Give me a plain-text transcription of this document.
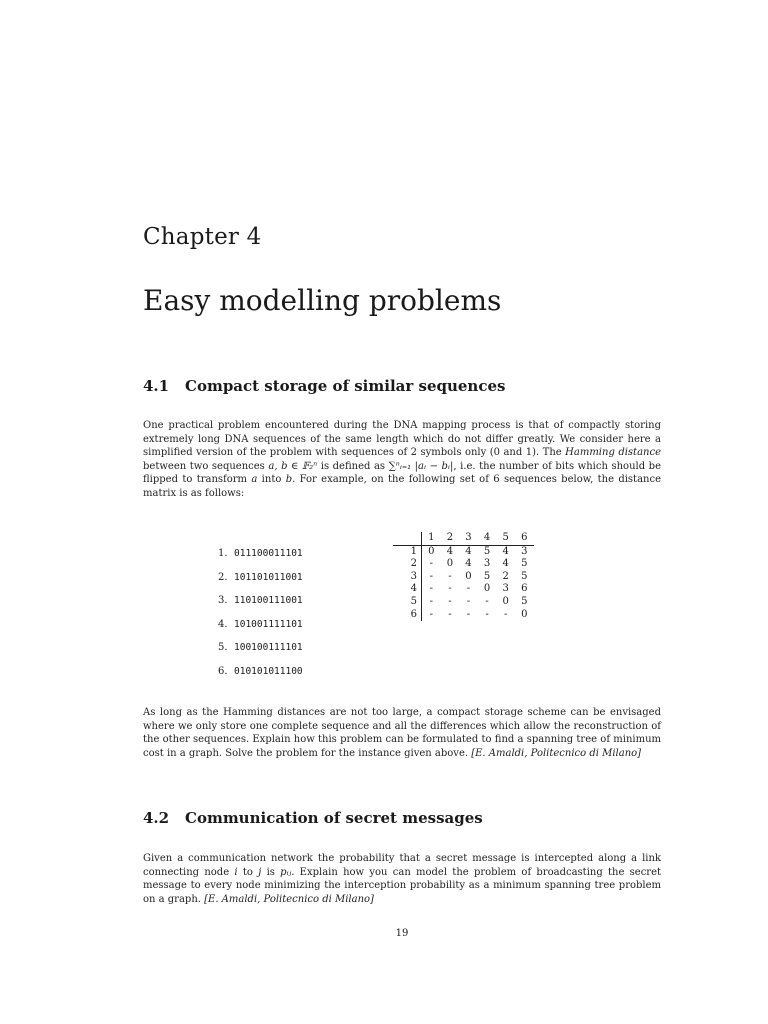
Chapter 4
Easy modelling problems
4.1 Compact storage of similar sequences
One practical problem encountered during the DNA mapping process is that of compactly storing extremely long DNA sequences of the same length which do not differ greatly. We consider here a simplified version of the problem with sequences of 2 symbols only (0 and 1). The Hamming distance between two sequences a, b ∈ 𝔽₂ⁿ is defined as ∑ⁿᵢ₌₁ |aᵢ − bᵢ|, i.e. the number of bits which should be flipped to transform a into b. For example, on the following set of 6 sequences below, the distance matrix is as follows:
1. 011100011101
2. 101101011001
3. 110100111001
4. 101001111101
5. 100100111101
6. 010101011100
	1	2	3	4	5	6
1	0	4	4	5	4	3
2	-	0	4	3	4	5
3	-	-	0	5	2	5
4	-	-	-	0	3	6
5	-	-	-	-	0	5
6	-	-	-	-	-	0
As long as the Hamming distances are not too large, a compact storage scheme can be envisaged where we only store one complete sequence and all the differences which allow the reconstruction of the other sequences. Explain how this problem can be formulated to find a spanning tree of minimum cost in a graph. Solve the problem for the instance given above. [E. Amaldi, Politecnico di Milano]
4.2 Communication of secret messages
Given a communication network the probability that a secret message is intercepted along a link connecting node i to j is pᵢⱼ. Explain how you can model the problem of broadcasting the secret message to every node minimizing the interception probability as a minimum spanning tree problem on a graph. [E. Amaldi, Politecnico di Milano]
19
